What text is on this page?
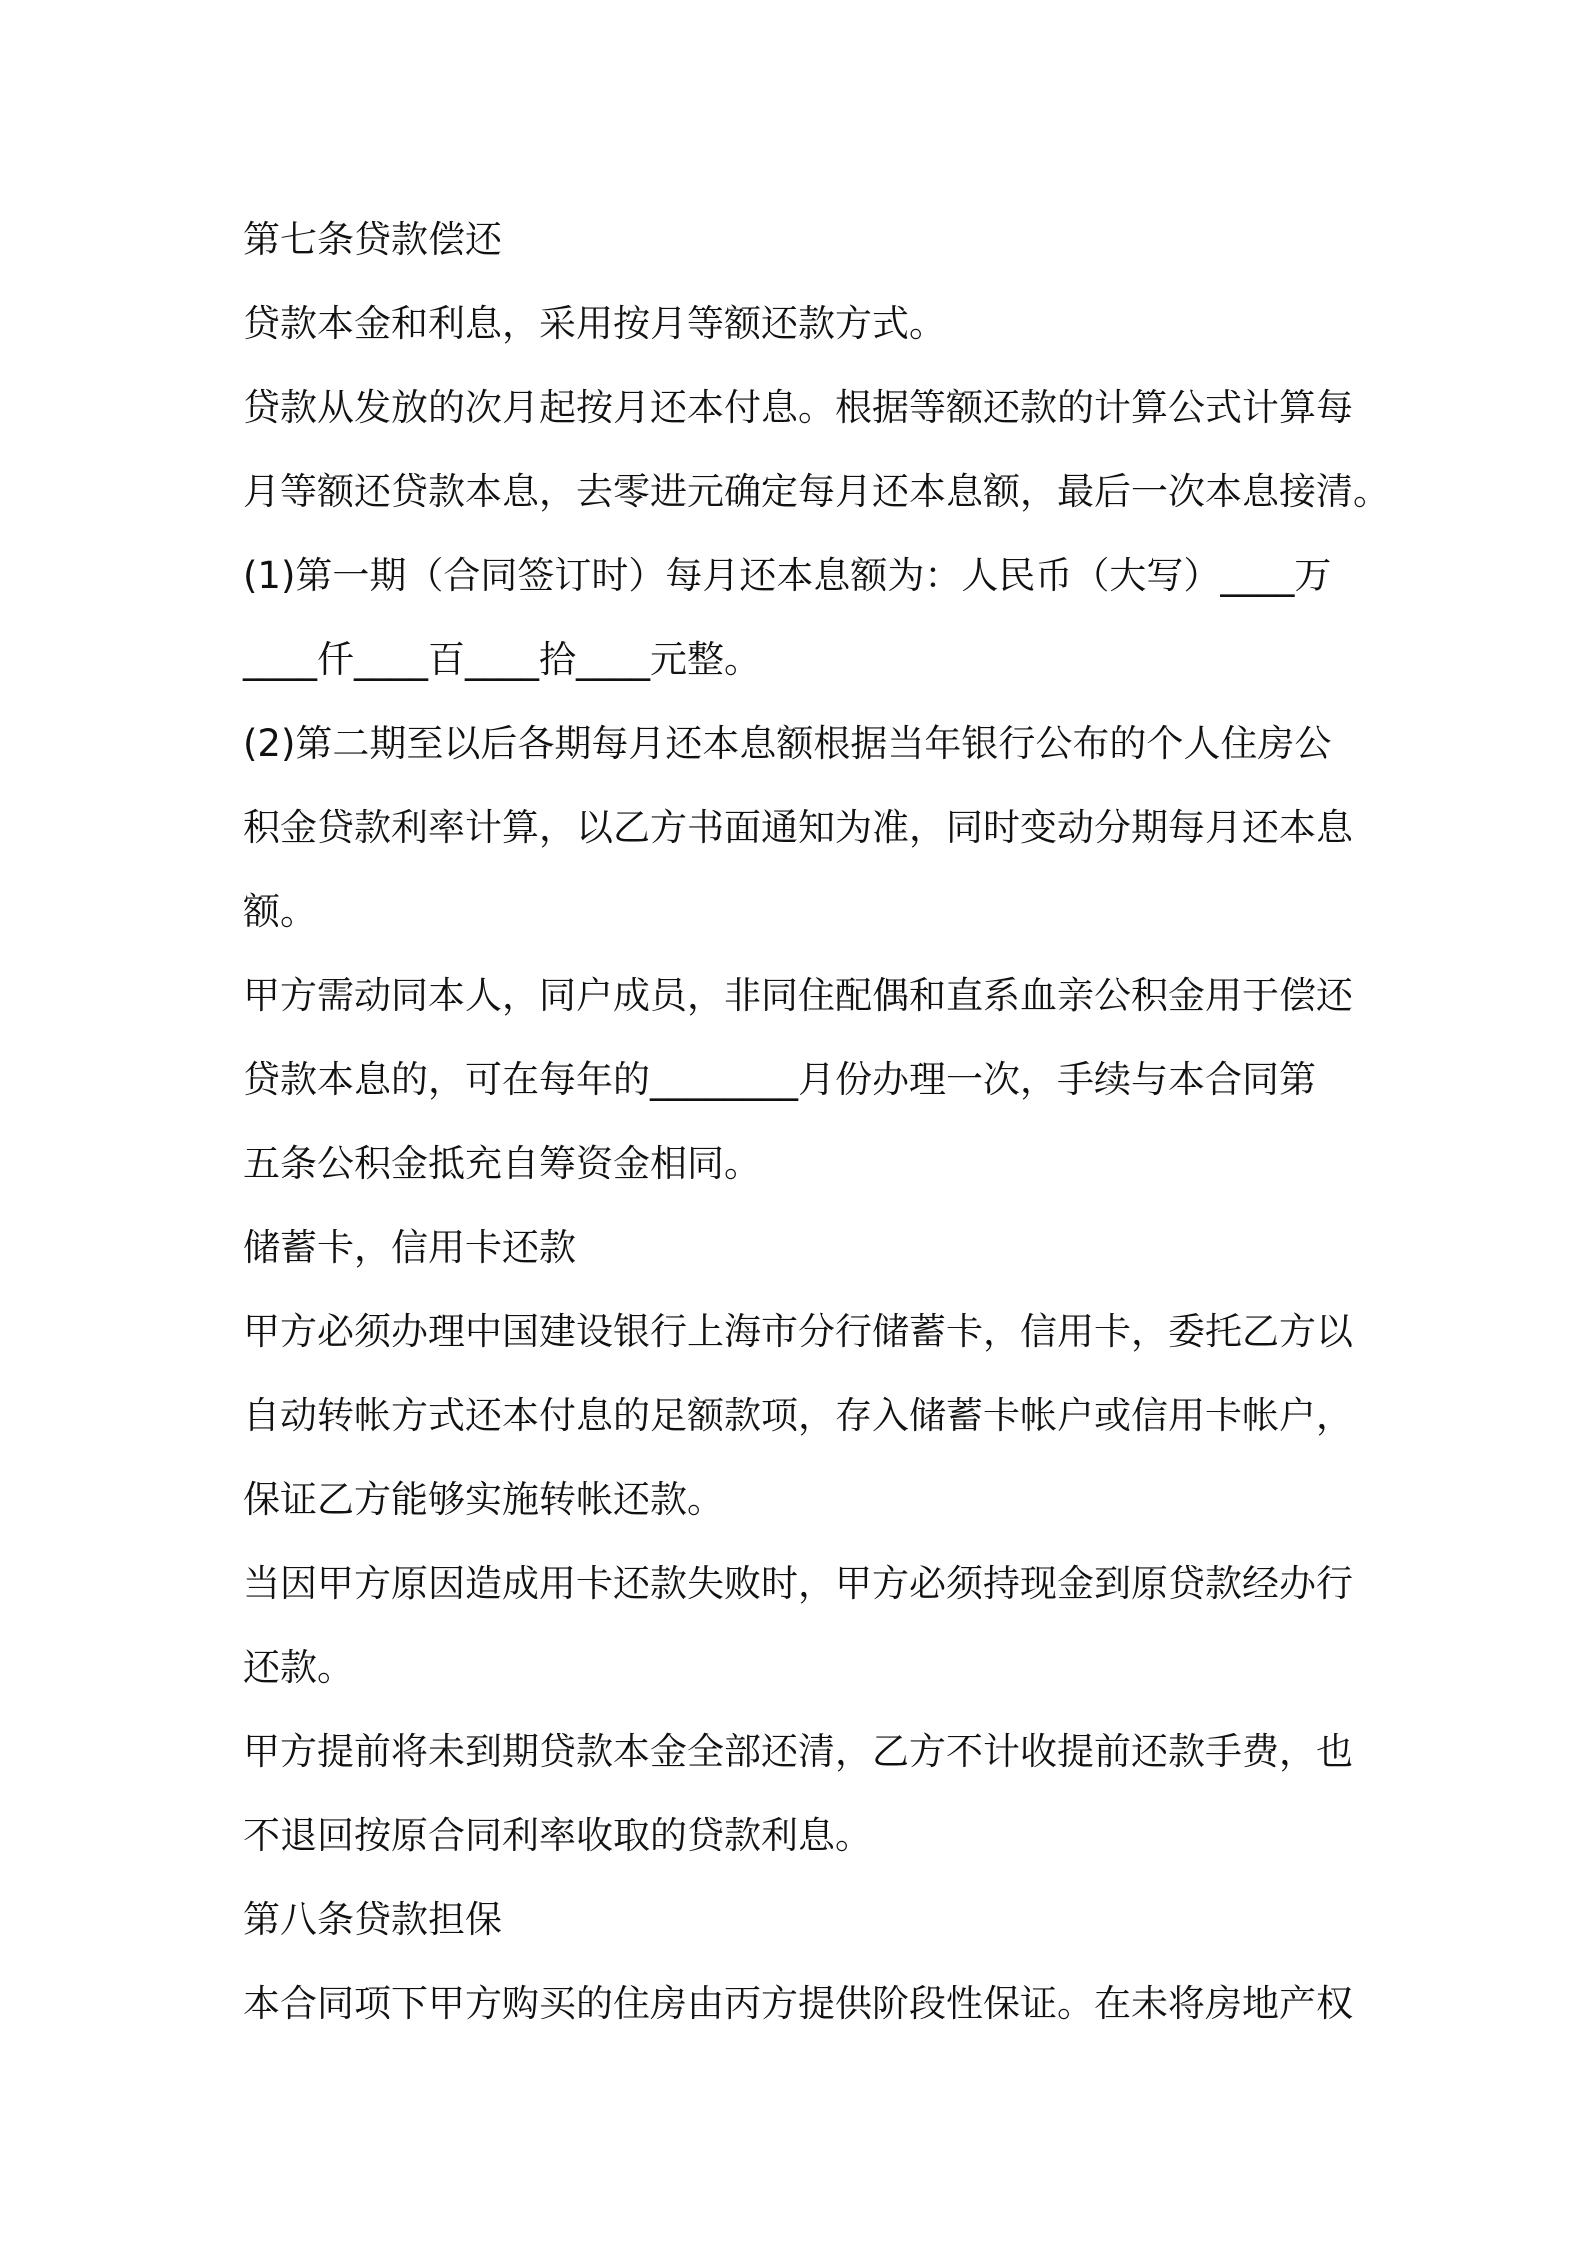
第七条贷款偿还
贷款本金和利息，采用按月等额还款方式。
贷款从发放的次月起按月还本付息。根据等额还款的计算公式计算每
月等额还贷款本息，去零进元确定每月还本息额，最后一次本息接清。
(1)第一期（合同签订时）每月还本息额为：人民币（大写）____万
____仟____百____拾____元整。
(2)第二期至以后各期每月还本息额根据当年银行公布的个人住房公
积金贷款利率计算，以乙方书面通知为准，同时变动分期每月还本息
额。
甲方需动同本人，同户成员，非同住配偶和直系血亲公积金用于偿还
贷款本息的，可在每年的________月份办理一次，手续与本合同第
五条公积金抵充自筹资金相同。
储蓄卡，信用卡还款
甲方必须办理中国建设银行上海市分行储蓄卡，信用卡，委托乙方以
自动转帐方式还本付息的足额款项，存入储蓄卡帐户或信用卡帐户，
保证乙方能够实施转帐还款。
当因甲方原因造成用卡还款失败时，甲方必须持现金到原贷款经办行
还款。
甲方提前将未到期贷款本金全部还清，乙方不计收提前还款手费，也
不退回按原合同利率收取的贷款利息。
第八条贷款担保
本合同项下甲方购买的住房由丙方提供阶段性保证。在未将房地产权
